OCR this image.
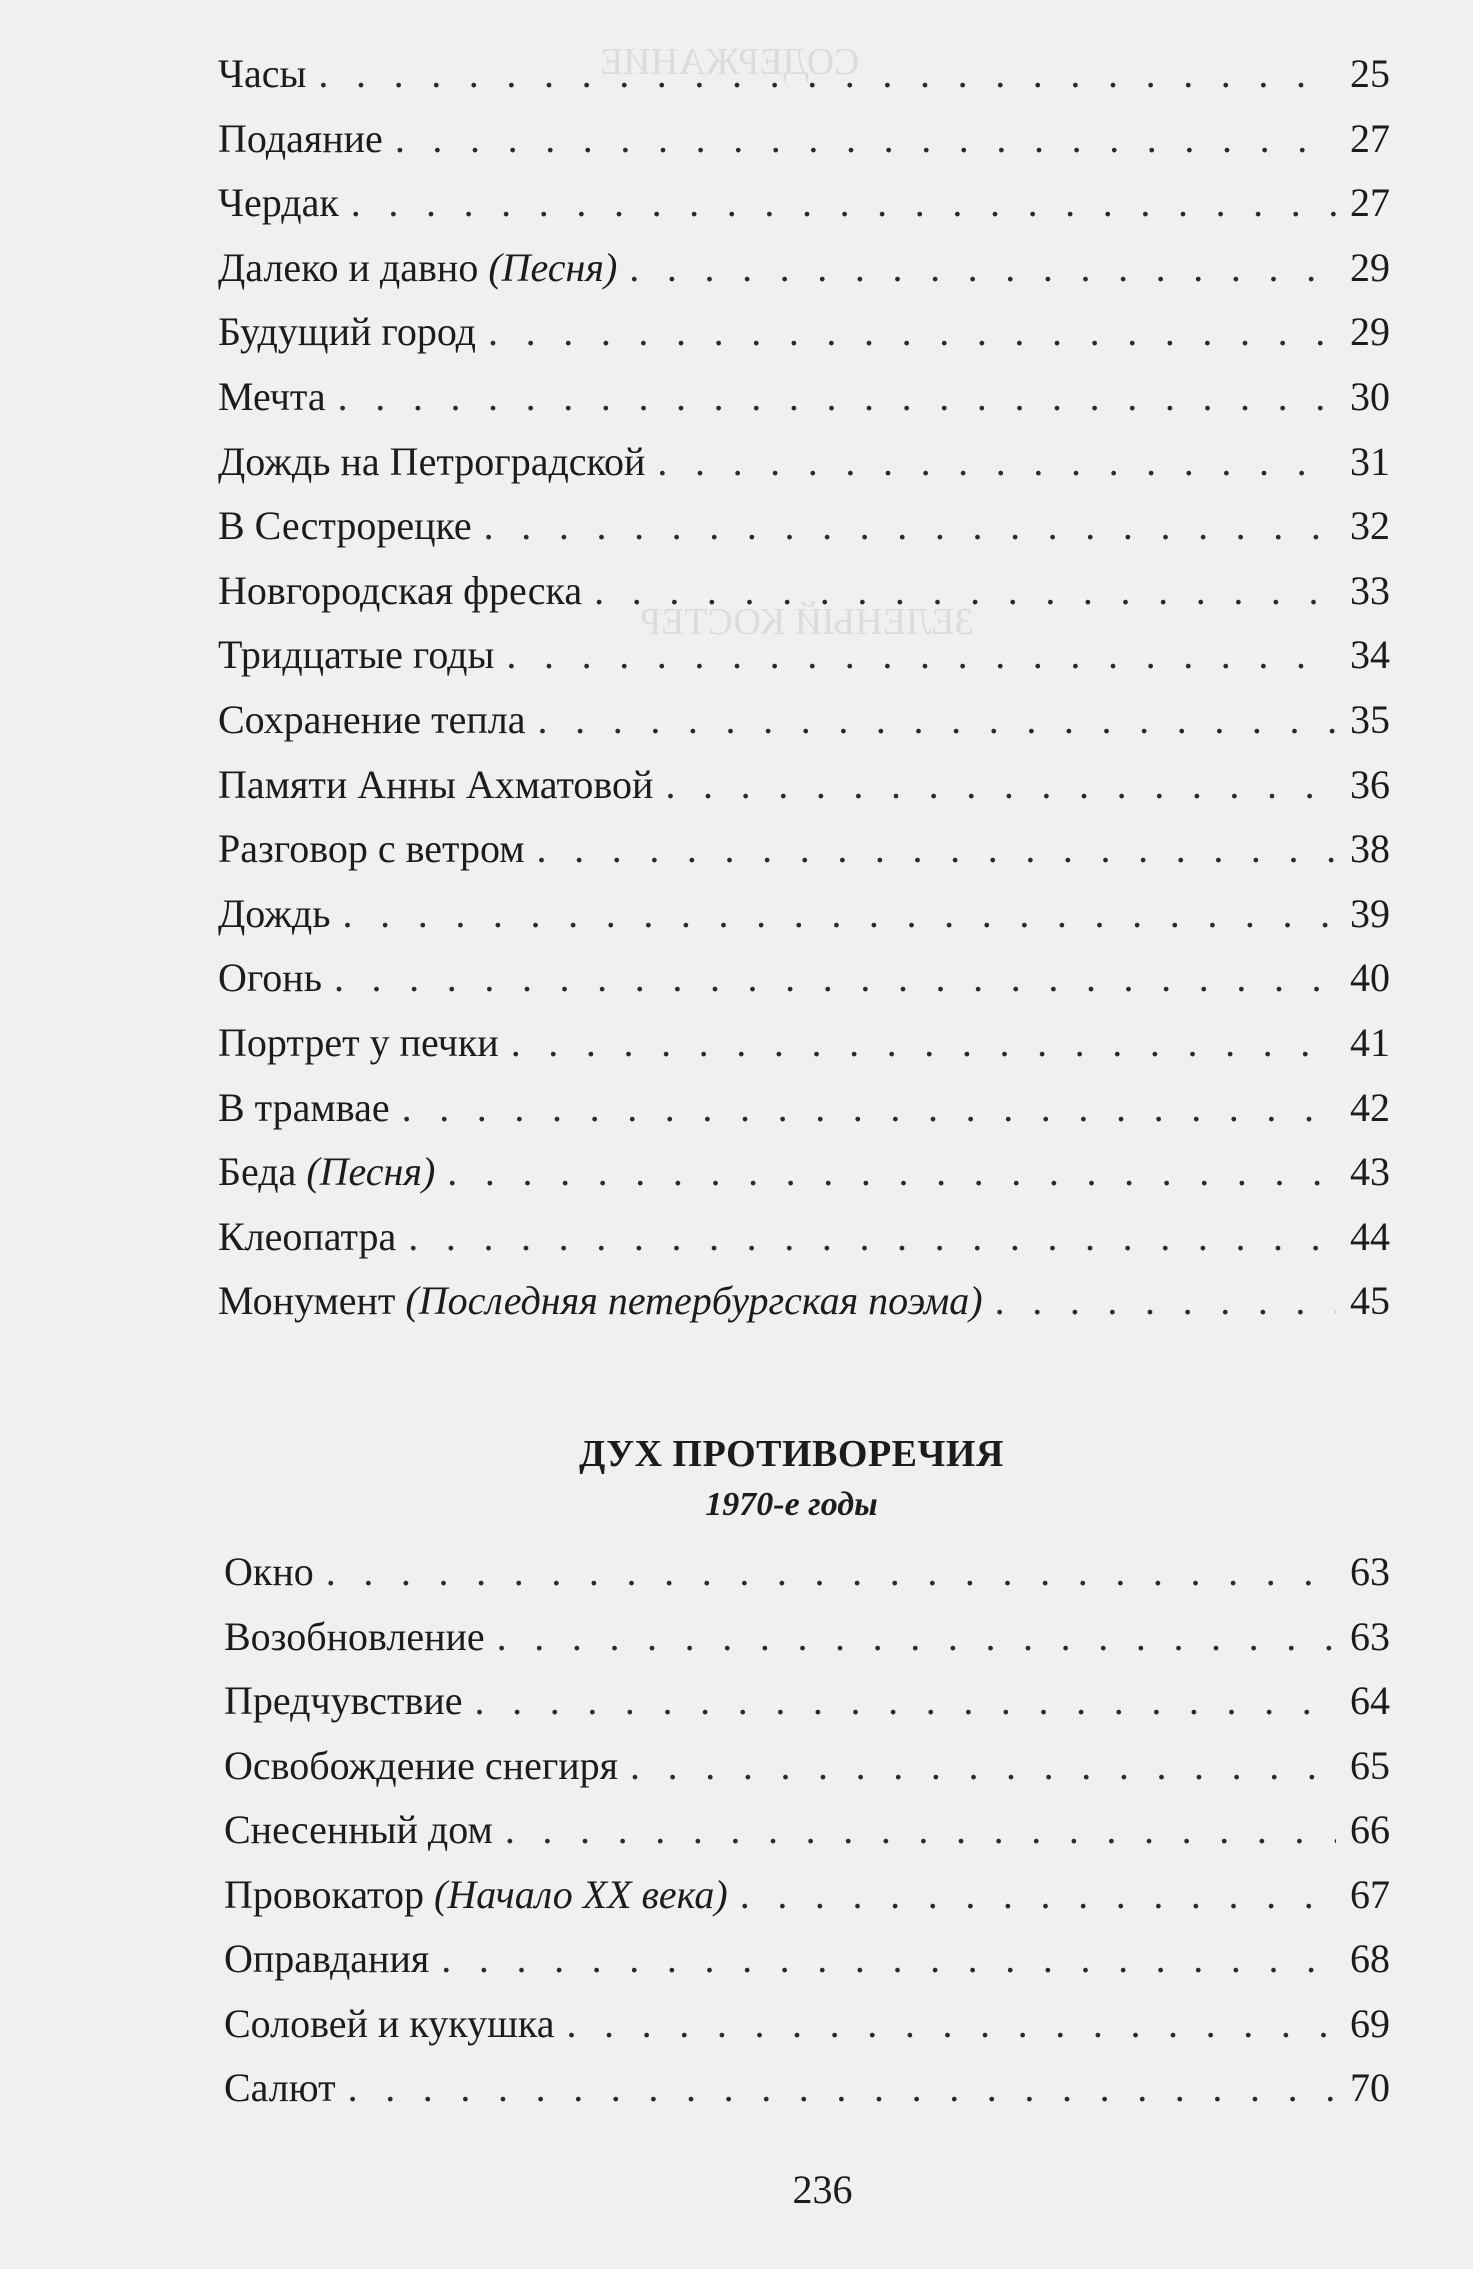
СОДЕРЖАНИЕ
ЗЕЛЕНЫЙ КОСТЕР
Часы . . .	25
Подаяние . . .	27
Чердак . . .	27
Далеко и давно (Песня) . . .	29
Будущий город . . .	29
Мечта . . .	30
Дождь на Петроградской . . .	31
В Сестрорецке . . .	32
Новгородская фреска . . .	33
Тридцатые годы . . .	34
Сохранение тепла . . .	35
Памяти Анны Ахматовой . . .	36
Разговор с ветром . . .	38
Дождь . . .	39
Огонь . . .	40
Портрет у печки . . .	41
В трамвае . . .	42
Беда (Песня) . . .	43
Клеопатра . . .	44
Монумент (Последняя петербургская поэма) . . .	45
ДУХ ПРОТИВОРЕЧИЯ
1970-е годы
Окно . . .	63
Возобновление . . .	63
Предчувствие . . .	64
Освобождение снегиря . . .	65
Снесенный дом . . .	66
Провокатор (Начало XX века) . . .	67
Оправдания . . .	68
Соловей и кукушка . . .	69
Салют . . .	70
236
